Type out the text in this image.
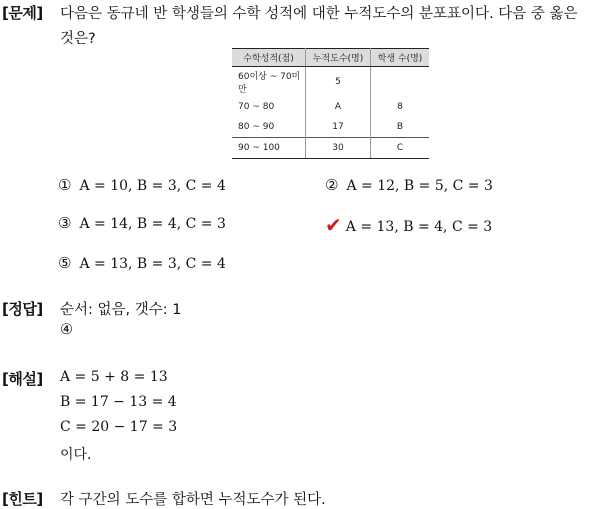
[문제] 다음은 동규네 반 학생들의 수학 성적에 대한 누적도수의 분포표이다. 다음 중 옳은
것은?
수학성적(점)	누적도수(명)	학생 수(명)
60이상 ~ 70미만	5	
70 ~ 80	A	8
80 ~ 90	17	B
90 ~ 100	30	C
① A = 10, B = 3, C = 4	② A = 12, B = 5, C = 3
③ A = 14, B = 4, C = 3	✔ A = 13, B = 4, C = 3
⑤ A = 13, B = 3, C = 4
[정답] 순서: 없음, 갯수: 1
④
[해설] A = 5 + 8 = 13
B = 17 − 13 = 4
C = 20 − 17 = 3
이다.
[힌트] 각 구간의 도수를 합하면 누적도수가 된다.
